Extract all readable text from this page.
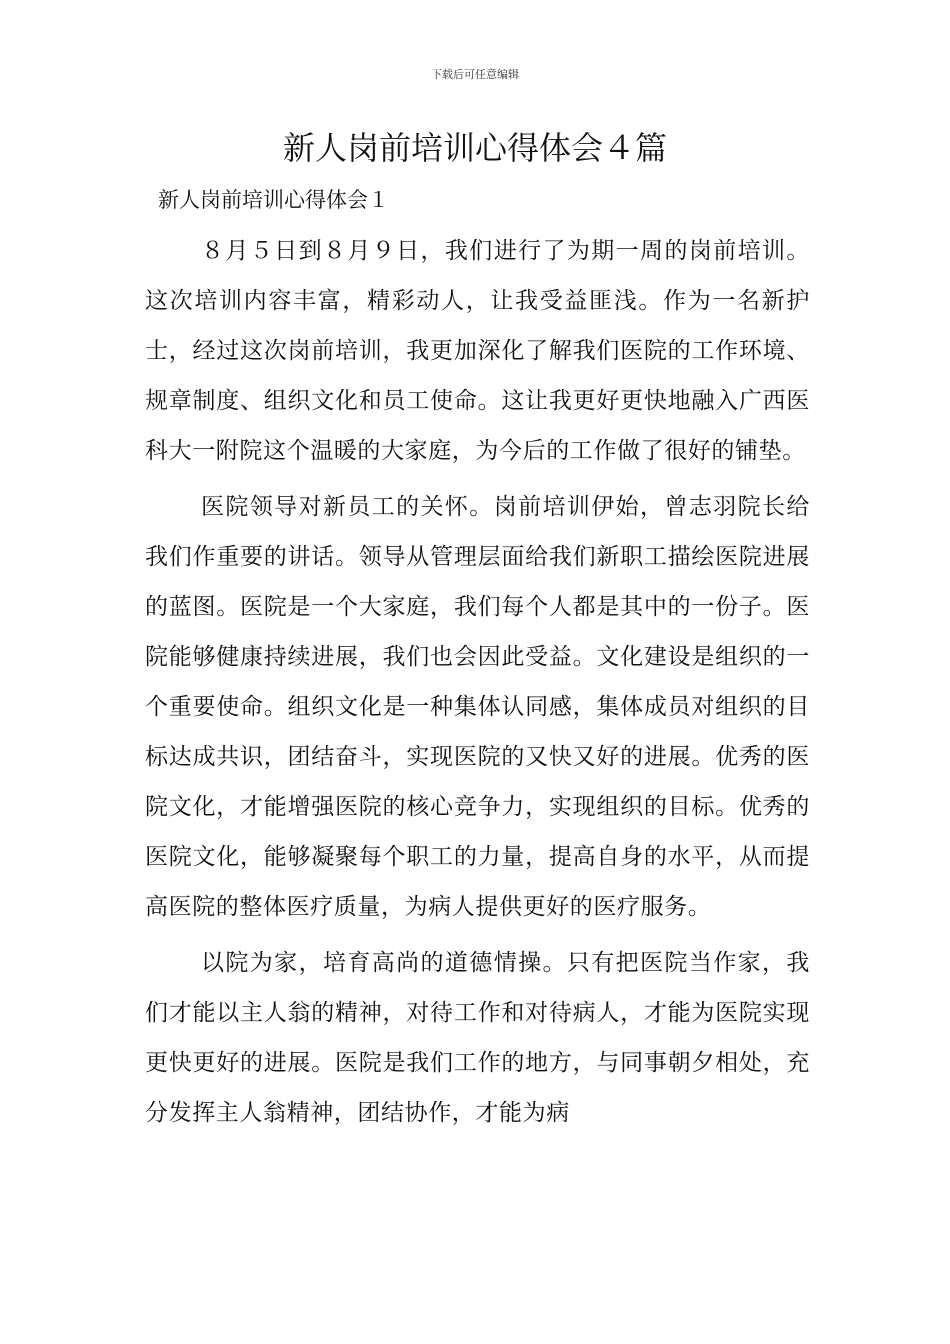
下载后可任意编辑
新人岗前培训心得体会４篇
新人岗前培训心得体会１

８月５日到８月９日，我们进行了为期一周的岗前培训。这次培训内容丰富，精彩动人，让我受益匪浅。作为一名新护士，经过这次岗前培训，我更加深化了解我们医院的工作环境、规章制度、组织文化和员工使命。这让我更好更快地融入广西医科大一附院这个温暖的大家庭，为今后的工作做了很好的铺垫。

医院领导对新员工的关怀。岗前培训伊始，曾志羽院长给我们作重要的讲话。领导从管理层面给我们新职工描绘医院进展的蓝图。医院是一个大家庭，我们每个人都是其中的一份子。医院能够健康持续进展，我们也会因此受益。文化建设是组织的一个重要使命。组织文化是一种集体认同感，集体成员对组织的目标达成共识，团结奋斗，实现医院的又快又好的进展。优秀的医院文化，才能增强医院的核心竞争力，实现组织的目标。优秀的医院文化，能够凝聚每个职工的力量，提高自身的水平，从而提高医院的整体医疗质量，为病人提供更好的医疗服务。

以院为家，培育高尚的道德情操。只有把医院当作家，我们才能以主人翁的精神，对待工作和对待病人，才能为医院实现更快更好的进展。医院是我们工作的地方，与同事朝夕相处，充分发挥主人翁精神，团结协作，才能为病
